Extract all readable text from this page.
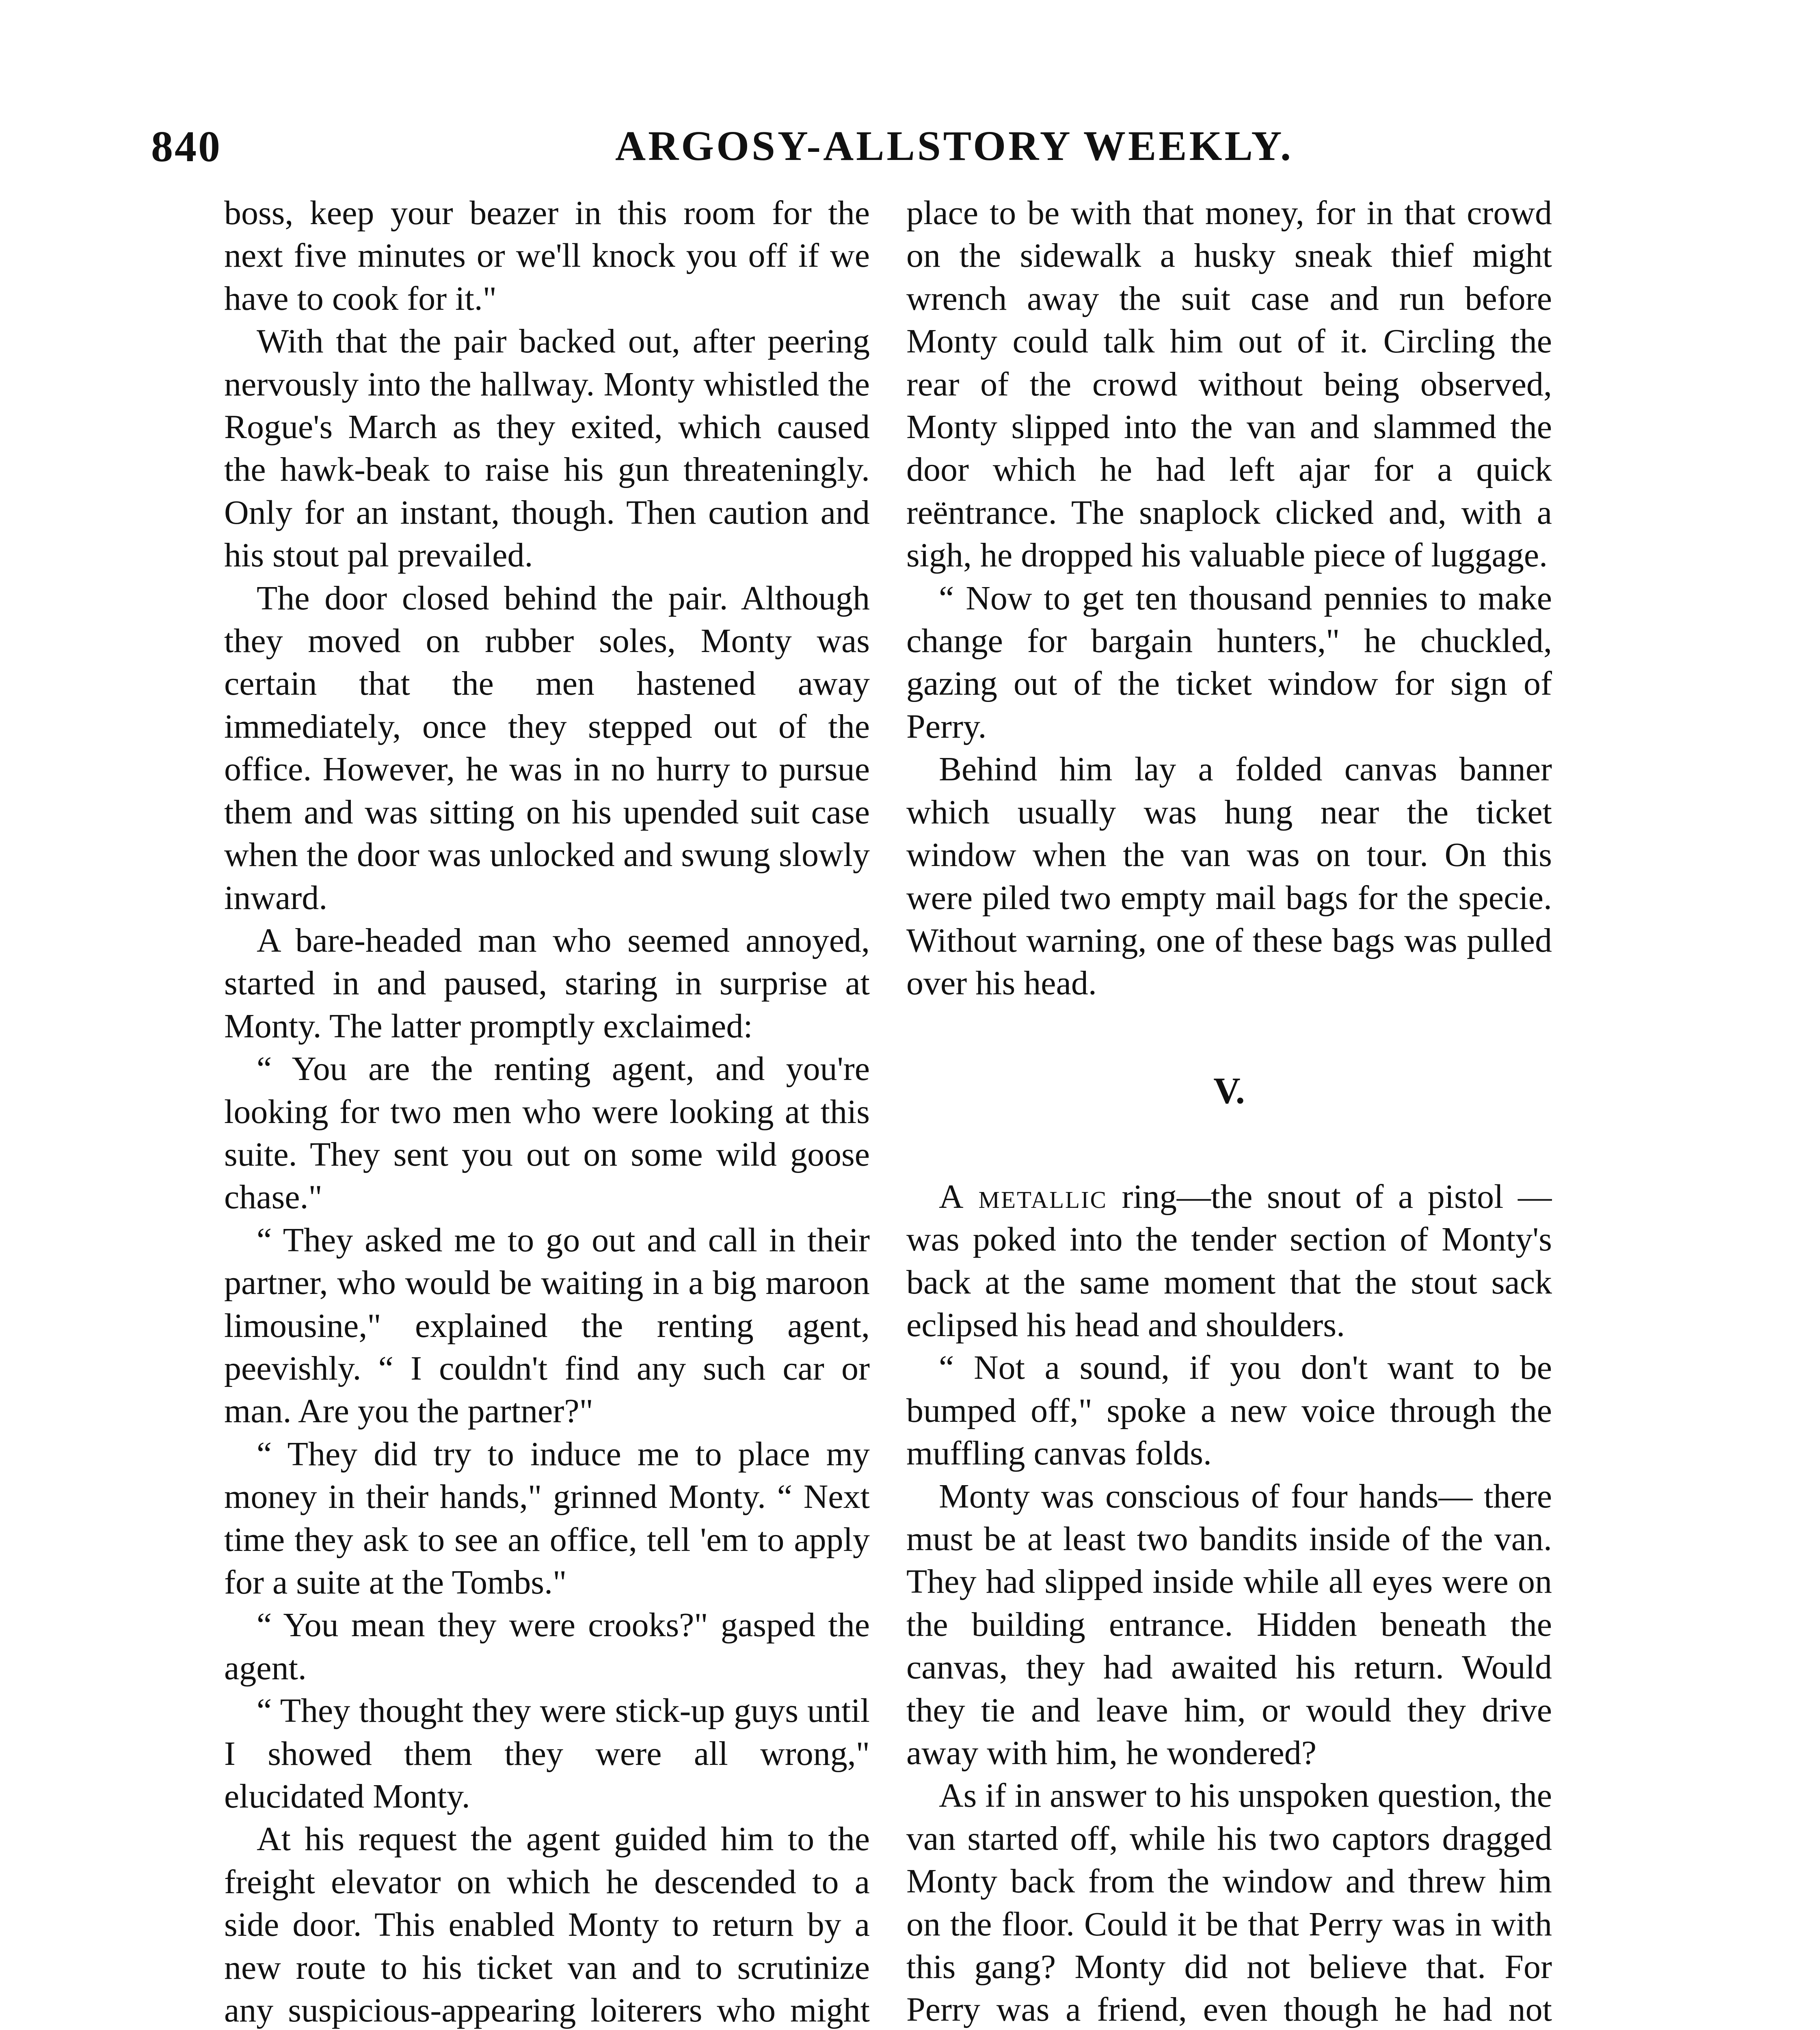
840	ARGOSY-ALLSTORY WEEKLY.

boss, keep your beazer in this room for the next five minutes or we'll knock you off if we have to cook for it."

With that the pair backed out, after peering nervously into the hallway. Monty whistled the Rogue's March as they exited, which caused the hawk-beak to raise his gun threateningly. Only for an instant, though. Then caution and his stout pal prevailed.

The door closed behind the pair. Although they moved on rubber soles, Monty was certain that the men hastened away immediately, once they stepped out of the office. However, he was in no hurry to pursue them and was sitting on his upended suit case when the door was unlocked and swung slowly inward.

A bare-headed man who seemed annoyed, started in and paused, staring in surprise at Monty. The latter promptly exclaimed:

“ You are the renting agent, and you're looking for two men who were looking at this suite. They sent you out on some wild goose chase."

“ They asked me to go out and call in their partner, who would be waiting in a big maroon limousine," explained the renting agent, peevishly. “ I couldn't find any such car or man. Are you the partner?"

“ They did try to induce me to place my money in their hands," grinned Monty. “ Next time they ask to see an office, tell 'em to apply for a suite at the Tombs."

“ You mean they were crooks?" gasped the agent.

“ They thought they were stick-up guys until I showed them they were all wrong," elucidated Monty.

At his request the agent guided him to the freight elevator on which he descended to a side door. This enabled Monty to return by a new route to his ticket van and to scrutinize any suspicious-appearing loiterers who might

place to be with that money, for in that crowd on the sidewalk a husky sneak thief might wrench away the suit case and run before Monty could talk him out of it. Circling the rear of the crowd without being observed, Monty slipped into the van and slammed the door which he had left ajar for a quick reëntrance. The snaplock clicked and, with a sigh, he dropped his valuable piece of luggage.

“ Now to get ten thousand pennies to make change for bargain hunters," he chuckled, gazing out of the ticket window for sign of Perry.

Behind him lay a folded canvas banner which usually was hung near the ticket window when the van was on tour. On this were piled two empty mail bags for the specie. Without warning, one of these bags was pulled over his head.

V.

A metallic ring—the snout of a pistol —was poked into the tender section of Monty's back at the same moment that the stout sack eclipsed his head and shoulders.

“ Not a sound, if you don't want to be bumped off," spoke a new voice through the muffling canvas folds.

Monty was conscious of four hands— there must be at least two bandits inside of the van. They had slipped inside while all eyes were on the building entrance. Hidden beneath the canvas, they had awaited his return. Would they tie and leave him, or would they drive away with him, he wondered?

As if in answer to his unspoken question, the van started off, while his two captors dragged Monty back from the window and threw him on the floor. Could it be that Perry was in with this gang? Monty did not believe that. For Perry was a friend, even though he had not
